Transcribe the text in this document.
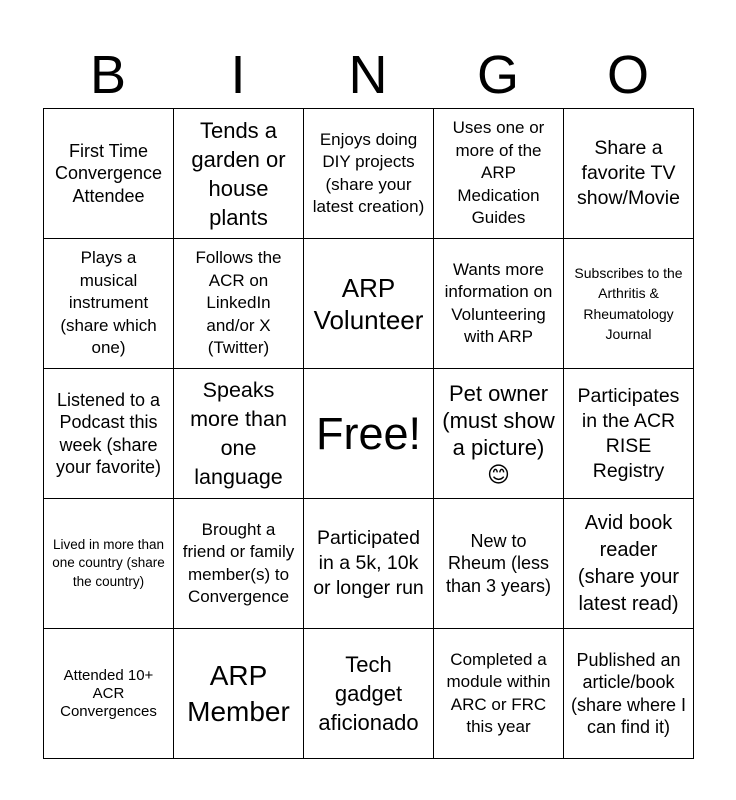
B	I	N	G	O
First Time Convergence Attendee
Tends a garden or house plants
Enjoys doing DIY projects (share your latest creation)
Uses one or more of the ARP Medication Guides
Share a favorite TV show/Movie
Plays a musical instrument (share which one)
Follows the ACR on LinkedIn and/or X (Twitter)
ARP Volunteer
Wants more information on Volunteering with ARP
Subscribes to the Arthritis & Rheumatology Journal
Listened to a Podcast this week (share your favorite)
Speaks more than one language
Free!
Pet owner (must show a picture) 😊
Participates in the ACR RISE Registry
Lived in more than one country (share the country)
Brought a friend or family member(s) to Convergence
Participated in a 5k, 10k or longer run
New to Rheum (less than 3 years)
Avid book reader (share your latest read)
Attended 10+ ACR Convergences
ARP Member
Tech gadget aficionado
Completed a module within ARC or FRC this year
Published an article/book (share where I can find it)
